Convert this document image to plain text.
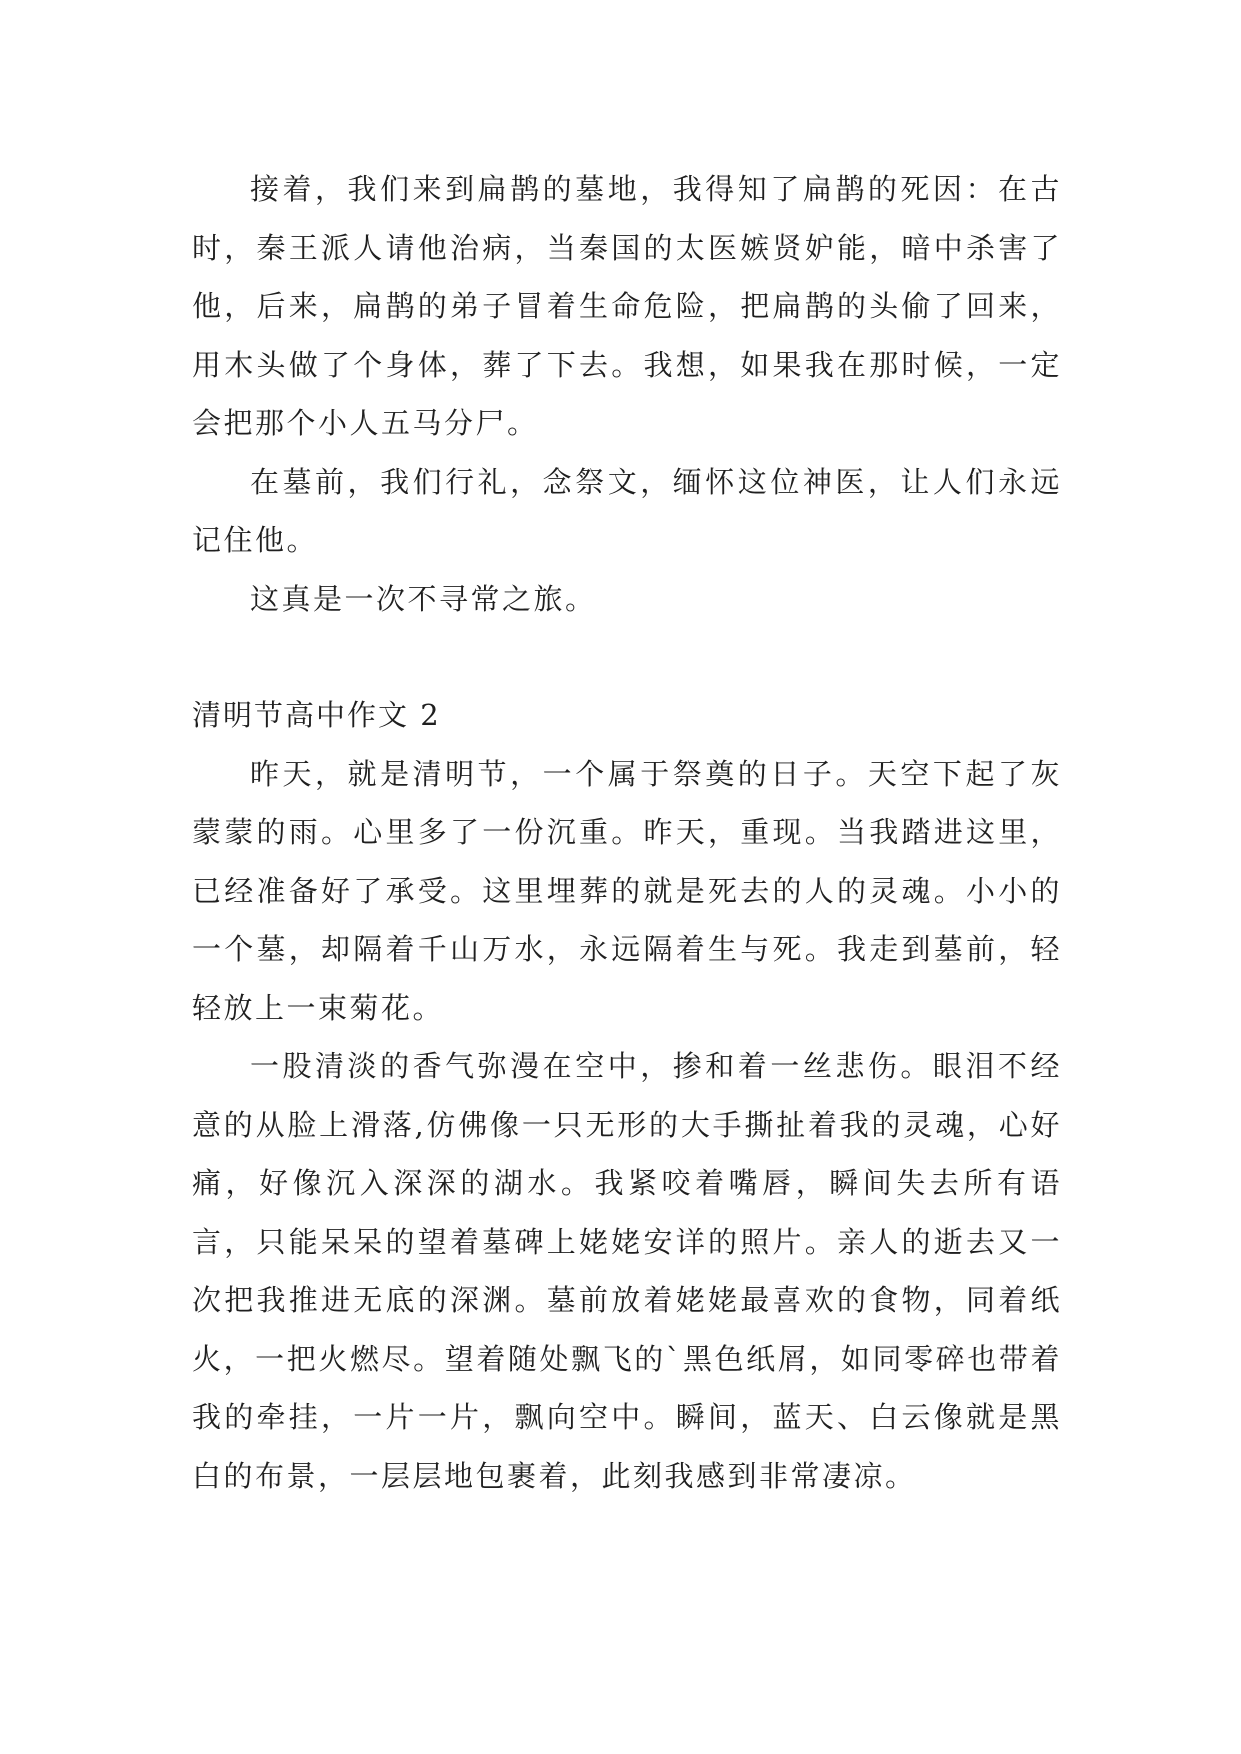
接着，我们来到扁鹊的墓地，我得知了扁鹊的死因：在古时，秦王派人请他治病，当秦国的太医嫉贤妒能，暗中杀害了他，后来，扁鹊的弟子冒着生命危险，把扁鹊的头偷了回来，用木头做了个身体，葬了下去。我想，如果我在那时候，一定会把那个小人五马分尸。

在墓前，我们行礼，念祭文，缅怀这位神医，让人们永远记住他。

这真是一次不寻常之旅。

清明节高中作文 2

昨天，就是清明节，一个属于祭奠的日子。天空下起了灰蒙蒙的雨。心里多了一份沉重。昨天，重现。当我踏进这里，已经准备好了承受。这里埋葬的就是死去的人的灵魂。小小的一个墓，却隔着千山万水，永远隔着生与死。我走到墓前，轻轻放上一束菊花。

一股清淡的香气弥漫在空中，掺和着一丝悲伤。眼泪不经意的从脸上滑落,仿佛像一只无形的大手撕扯着我的灵魂，心好痛，好像沉入深深的湖水。我紧咬着嘴唇，瞬间失去所有语言，只能呆呆的望着墓碑上姥姥安详的照片。亲人的逝去又一次把我推进无底的深渊。墓前放着姥姥最喜欢的食物，同着纸火，一把火燃尽。望着随处飘飞的`黑色纸屑，如同零碎也带着我的牵挂，一片一片，飘向空中。瞬间，蓝天、白云像就是黑白的布景，一层层地包裹着，此刻我感到非常凄凉。
